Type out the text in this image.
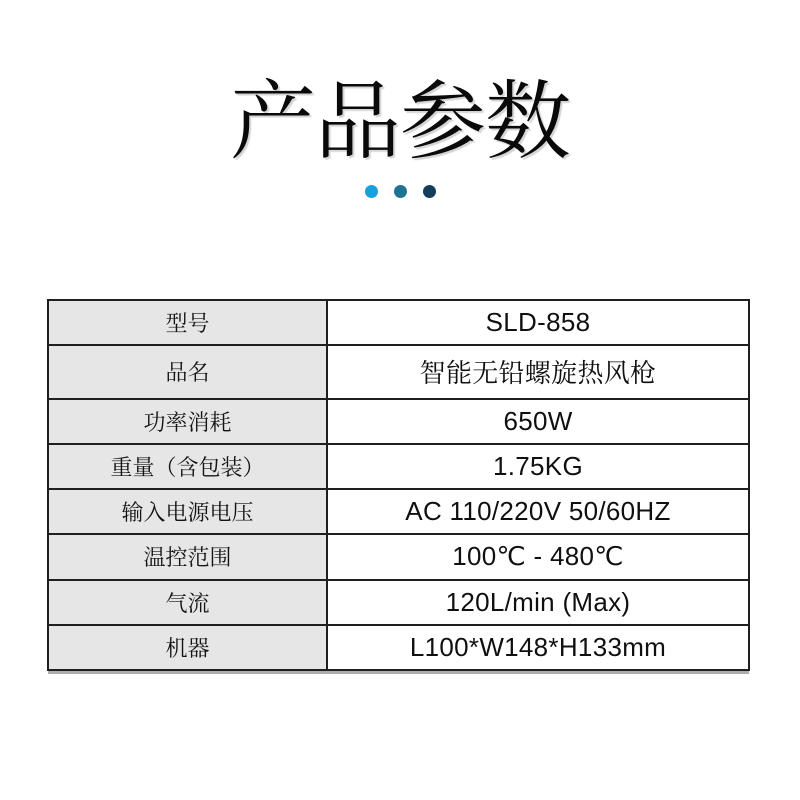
产品参数
型号	SLD-858
品名	智能无铅螺旋热风枪
功率消耗	650W
重量（含包装）	1.75KG
输入电源电压	AC 110/220V 50/60HZ
温控范围	100℃ - 480℃
气流	120L/min (Max)
机器	L100*W148*H133mm
